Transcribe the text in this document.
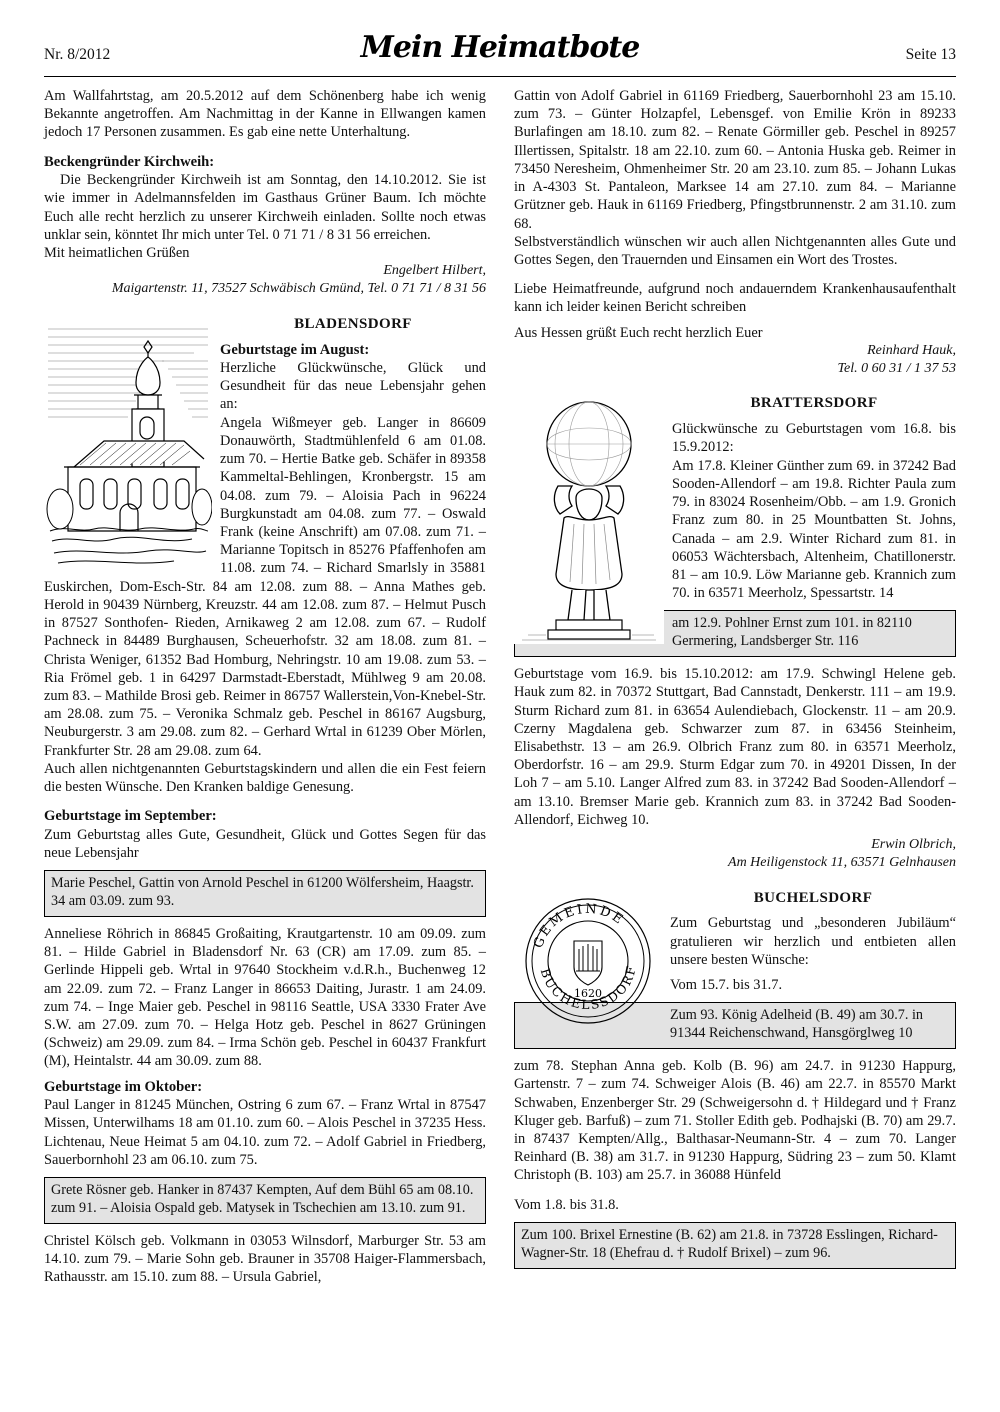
Nr. 8/2012	Mein Heimatbote	Seite 13

Am Wallfahrtstag, am 20.5.2012 auf dem Schönenberg habe ich wenig Bekannte angetroffen. Am Nachmittag in der Kanne in Ellwangen kamen jedoch 17 Personen zusammen. Es gab eine nette Unterhaltung.

Beckengründer Kirchweih:

Die Beckengründer Kirchweih ist am Sonntag, den 14.10.2012. Sie ist wie immer in Adelmannsfelden im Gasthaus Grüner Baum. Ich möchte Euch alle recht herzlich zu unserer Kirchweih einladen. Sollte noch etwas unklar sein, könntet Ihr mich unter Tel. 0 71 71 / 8 31 56 erreichen.

Mit heimatlichen Grüßen

Engelbert Hilbert,

Maigartenstr. 11, 73527 Schwäbisch Gmünd, Tel. 0 71 71 / 8 31 56

BLADENSDORF

Geburtstage im August:

Herzliche Glückwünsche, Glück und Gesundheit für das neue Lebensjahr gehen an:

Angela Wißmeyer geb. Langer in 86609 Donauwörth, Stadtmühlenfeld 6 am 01.08. zum 70. – Hertie Batke geb. Schäfer in 89358 Kammeltal-Behlingen, Kronbergstr. 15 am 04.08. zum 79. – Aloisia Pach in 96224 Burgkunstadt am 04.08. zum 77. – Oswald Frank (keine Anschrift) am 07.08. zum 71. – Marianne Topitsch in 85276 Pfaffenhofen am 11.08. zum 74. – Richard Smarlsly in 35881 Euskirchen, Dom-Esch-Str. 84 am 12.08. zum 88. – Anna Mathes geb. Herold in 90439 Nürnberg, Kreuzstr. 44 am 12.08. zum 87. – Helmut Pusch in 87527 Sonthofen- Rieden, Arnikaweg 2 am 12.08. zum 67. – Rudolf Pachneck in 84489 Burghausen, Scheuerhofstr. 32 am 18.08. zum 81. – Christa Weniger, 61352 Bad Homburg, Nehringstr. 10 am 19.08. zum 53. – Ria Frömel geb. 1 in 64297 Darmstadt-Eberstadt, Mühlweg 9 am 20.08. zum 83. – Mathilde Brosi geb. Reimer in 86757 Wallerstein,Von-Knebel-Str. am 28.08. zum 75. – Veronika Schmalz geb. Peschel in 86167 Augsburg, Neuburgerstr. 3 am 29.08. zum 82. – Gerhard Wrtal in 61239 Ober Mörlen, Frankfurter Str. 28 am 29.08. zum 64.

Auch allen nichtgenannten Geburtstagskindern und allen die ein Fest feiern die besten Wünsche. Den Kranken baldige Genesung.

Geburtstage im September:

Zum Geburtstag alles Gute, Gesundheit, Glück und Gottes Segen für das neue Lebensjahr

Marie Peschel, Gattin von Arnold Peschel in 61200 Wölfersheim, Haagstr. 34 am 03.09. zum 93.

Anneliese Röhrich in 86845 Großaiting, Krautgartenstr. 10 am 09.09. zum 81. – Hilde Gabriel in Bladensdorf Nr. 63 (CR) am 17.09. zum 85. – Gerlinde Hippeli geb. Wrtal in 97640 Stockheim v.d.R.h., Buchenweg 12 am 22.09. zum 72. – Franz Langer in 86653 Daiting, Jurastr. 1 am 24.09. zum 74. – Inge Maier geb. Peschel in 98116 Seattle, USA 3330 Frater Ave S.W. am 27.09. zum 70. – Helga Hotz geb. Peschel in 8627 Grüningen (Schweiz) am 29.09. zum 84. – Irma Schön geb. Peschel in 60437 Frankfurt (M), Heintalstr. 44 am 30.09. zum 88.

Geburtstage im Oktober:

Paul Langer in 81245 München, Ostring 6 zum 67. – Franz Wrtal in 87547 Missen, Unterwilhams 18 am 01.10. zum 60. – Alois Peschel in 37235 Hess. Lichtenau, Neue Heimat 5 am 04.10. zum 72. – Adolf Gabriel in Friedberg, Sauerbornhohl 23 am 06.10. zum 75.

Grete Rösner geb. Hanker in 87437 Kempten, Auf dem Bühl 65 am 08.10. zum 91. – Aloisia Ospald geb. Matysek in Tschechien am 13.10. zum 91.

Christel Kölsch geb. Volkmann in 03053 Wilnsdorf, Marburger Str. 53 am 14.10. zum 79. – Marie Sohn geb. Brauner in 35708 Haiger-Flammersbach, Rathausstr. am 15.10. zum 88. – Ursula Gabriel,

Gattin von Adolf Gabriel in 61169 Friedberg, Sauerbornhohl 23 am 15.10. zum 73. – Günter Holzapfel, Lebensgef. von Emilie Krön in 89233 Burlafingen am 18.10. zum 82. – Renate Görmiller geb. Peschel in 89257 Illertissen, Spitalstr. 18 am 22.10. zum 60. – Antonia Huska geb. Reimer in 73450 Neresheim, Ohmenheimer Str. 20 am 23.10. zum 85. – Johann Lukas in A-4303 St. Pantaleon, Marksee 14 am 27.10. zum 84. – Marianne Grützner geb. Hauk in 61169 Friedberg, Pfingstbrunnenstr. 2 am 31.10. zum 68.

Selbstverständlich wünschen wir auch allen Nichtgenannten alles Gute und Gottes Segen, den Trauernden und Einsamen ein Wort des Trostes.

Liebe Heimatfreunde, aufgrund noch andauerndem Krankenhausaufenthalt kann ich leider keinen Bericht schreiben

Aus Hessen grüßt Euch recht herzlich Euer

Reinhard Hauk,

Tel. 0 60 31 / 1 37 53

BRATTERSDORF

Glückwünsche zu Geburtstagen vom 16.8. bis 15.9.2012:

Am 17.8. Kleiner Günther zum 69. in 37242 Bad Sooden-Allendorf – am 19.8. Richter Paula zum 79. in 83024 Rosenheim/Obb. – am 1.9. Gronich Franz zum 80. in 25 Mountbatten St. Johns, Canada – am 2.9. Winter Richard zum 81. in 06053 Wächtersbach, Altenheim, Chatillonerstr. 81 – am 10.9. Löw Marianne geb. Krannich zum 70. in 63571 Meerholz, Spessartstr. 14

am 12.9. Pohlner Ernst zum 101. in 82110 Germering, Landsberger Str. 116

Geburtstage vom 16.9. bis 15.10.2012: am 17.9. Schwingl Helene geb. Hauk zum 82. in 70372 Stuttgart, Bad Cannstadt, Denkerstr. 111 – am 19.9. Sturm Richard zum 81. in 63654 Aulendiebach, Glockenstr. 11 – am 20.9. Czerny Magdalena geb. Schwarzer zum 87. in 63456 Steinheim, Elisabethstr. 13 – am 26.9. Olbrich Franz zum 80. in 63571 Meerholz, Oberdorfstr. 16 – am 29.9. Sturm Edgar zum 70. in 49201 Dissen, In der Loh 7 – am 5.10. Langer Alfred zum 83. in 37242 Bad Sooden-Allendorf – am 13.10. Bremser Marie geb. Krannich zum 83. in 37242 Bad Sooden-Allendorf, Eichweg 10.

Erwin Olbrich,

Am Heiligenstock 11, 63571 Gelnhausen

GEMEINDE
BUCHELSSDORF
1620

BUCHELSDORF

Zum Geburtstag und „besonderen Jubiläum“ gratulieren wir herzlich und entbieten allen unsere besten Wünsche:

Vom 15.7. bis 31.7.

Zum 93. König Adelheid (B. 49) am 30.7. in 91344 Reichenschwand, Hansgörglweg 10

zum 78. Stephan Anna geb. Kolb (B. 96) am 24.7. in 91230 Happurg, Gartenstr. 7 – zum 74. Schweiger Alois (B. 46) am 22.7. in 85570 Markt Schwaben, Enzenberger Str. 29 (Schweigersohn d. † Hildegard und † Franz Kluger geb. Barfuß) – zum 71. Stoller Edith geb. Podhajski (B. 70) am 29.7. in 87437 Kempten/Allg., Balthasar-Neumann-Str. 4 – zum 70. Langer Reinhard (B. 38) am 31.7. in 91230 Happurg, Südring 23 – zum 50. Klamt Christoph (B. 103) am 25.7. in 36088 Hünfeld

Vom 1.8. bis 31.8.

Zum 100. Brixel Ernestine (B. 62) am 21.8. in 73728 Esslingen, Richard-Wagner-Str. 18 (Ehefrau d. † Rudolf Brixel) – zum 96.
